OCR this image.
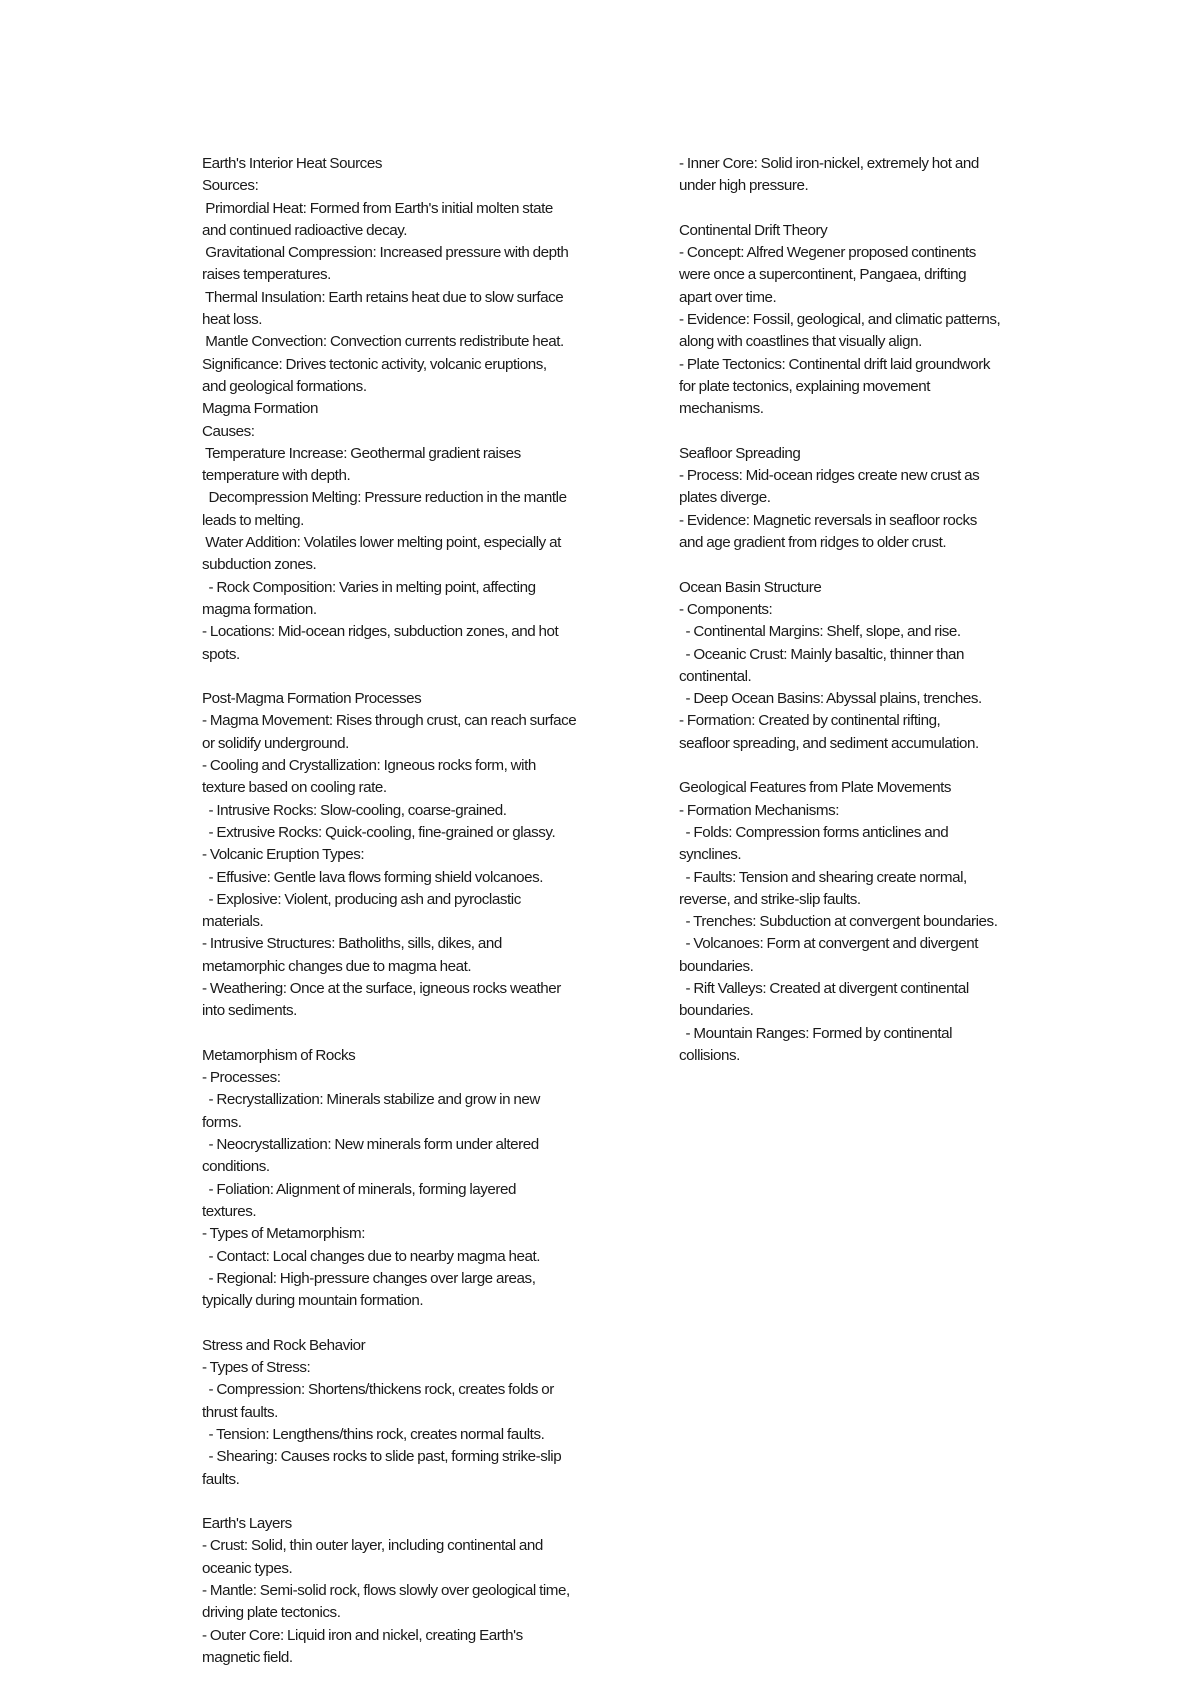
Earth's Interior Heat Sources
Sources:
Primordial Heat: Formed from Earth's initial molten state
and continued radioactive decay.
Gravitational Compression: Increased pressure with depth
raises temperatures.
Thermal Insulation: Earth retains heat due to slow surface
heat loss.
Mantle Convection: Convection currents redistribute heat.
Significance: Drives tectonic activity, volcanic eruptions,
and geological formations.
Magma Formation
Causes:
Temperature Increase: Geothermal gradient raises
temperature with depth.
Decompression Melting: Pressure reduction in the mantle
leads to melting.
Water Addition: Volatiles lower melting point, especially at
subduction zones.
- Rock Composition: Varies in melting point, affecting
magma formation.
- Locations: Mid-ocean ridges, subduction zones, and hot
spots.
Post-Magma Formation Processes
- Magma Movement: Rises through crust, can reach surface
or solidify underground.
- Cooling and Crystallization: Igneous rocks form, with
texture based on cooling rate.
- Intrusive Rocks: Slow-cooling, coarse-grained.
- Extrusive Rocks: Quick-cooling, fine-grained or glassy.
- Volcanic Eruption Types:
- Effusive: Gentle lava flows forming shield volcanoes.
- Explosive: Violent, producing ash and pyroclastic
materials.
- Intrusive Structures: Batholiths, sills, dikes, and
metamorphic changes due to magma heat.
- Weathering: Once at the surface, igneous rocks weather
into sediments.
Metamorphism of Rocks
- Processes:
- Recrystallization: Minerals stabilize and grow in new
forms.
- Neocrystallization: New minerals form under altered
conditions.
- Foliation: Alignment of minerals, forming layered
textures.
- Types of Metamorphism:
- Contact: Local changes due to nearby magma heat.
- Regional: High-pressure changes over large areas,
typically during mountain formation.
Stress and Rock Behavior
- Types of Stress:
- Compression: Shortens/thickens rock, creates folds or
thrust faults.
- Tension: Lengthens/thins rock, creates normal faults.
- Shearing: Causes rocks to slide past, forming strike-slip
faults.
Earth's Layers
- Crust: Solid, thin outer layer, including continental and
oceanic types.
- Mantle: Semi-solid rock, flows slowly over geological time,
driving plate tectonics.
- Outer Core: Liquid iron and nickel, creating Earth's
magnetic field.
- Inner Core: Solid iron-nickel, extremely hot and
under high pressure.
Continental Drift Theory
- Concept: Alfred Wegener proposed continents
were once a supercontinent, Pangaea, drifting
apart over time.
- Evidence: Fossil, geological, and climatic patterns,
along with coastlines that visually align.
- Plate Tectonics: Continental drift laid groundwork
for plate tectonics, explaining movement
mechanisms.
Seafloor Spreading
- Process: Mid-ocean ridges create new crust as
plates diverge.
- Evidence: Magnetic reversals in seafloor rocks
and age gradient from ridges to older crust.
Ocean Basin Structure
- Components:
- Continental Margins: Shelf, slope, and rise.
- Oceanic Crust: Mainly basaltic, thinner than
continental.
- Deep Ocean Basins: Abyssal plains, trenches.
- Formation: Created by continental rifting,
seafloor spreading, and sediment accumulation.
Geological Features from Plate Movements
- Formation Mechanisms:
- Folds: Compression forms anticlines and
synclines.
- Faults: Tension and shearing create normal,
reverse, and strike-slip faults.
- Trenches: Subduction at convergent boundaries.
- Volcanoes: Form at convergent and divergent
boundaries.
- Rift Valleys: Created at divergent continental
boundaries.
- Mountain Ranges: Formed by continental
collisions.
